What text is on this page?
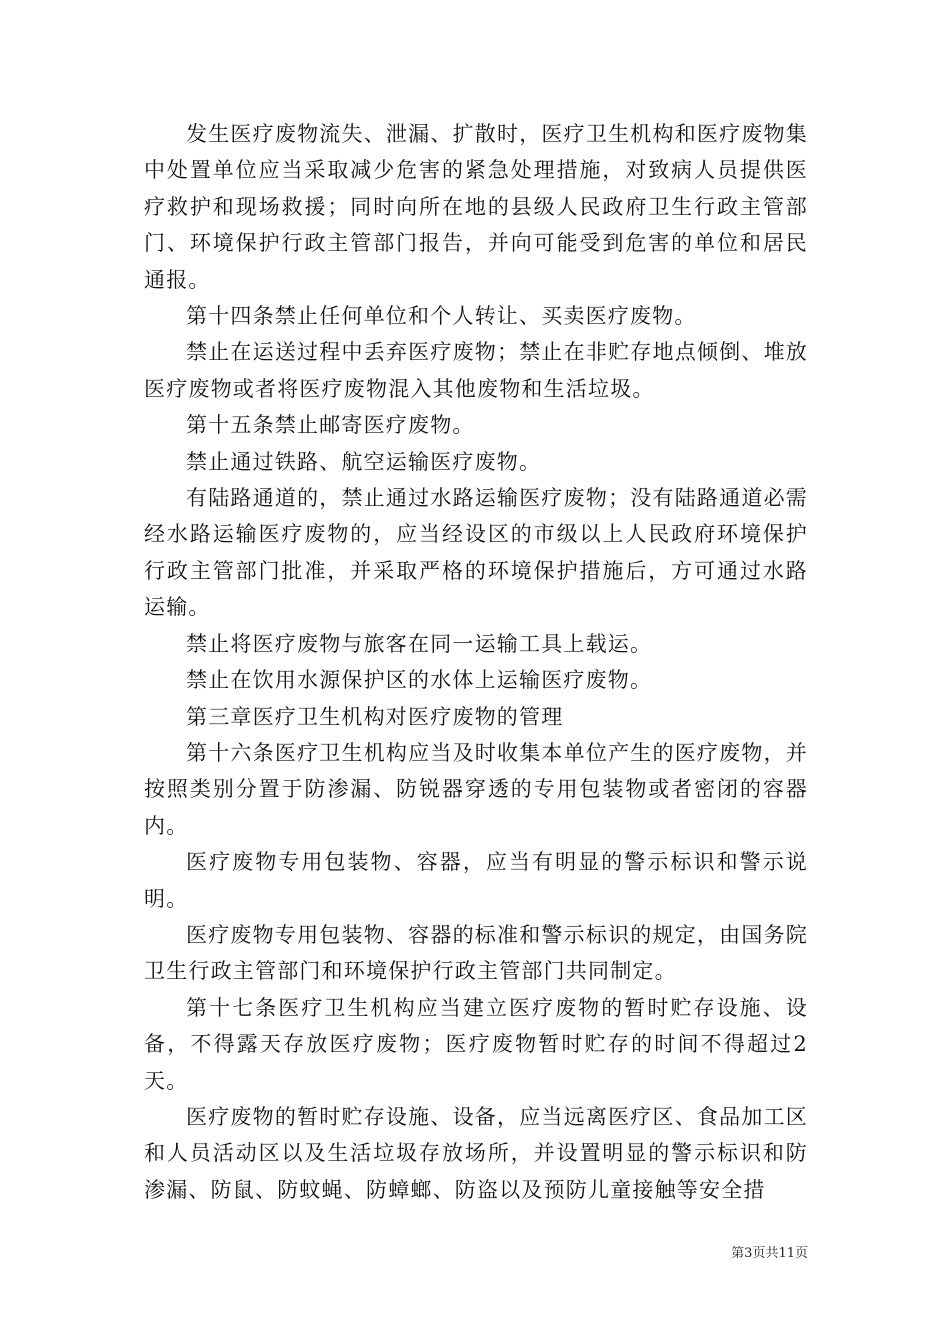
发生医疗废物流失、泄漏、扩散时，医疗卫生机构和医疗废物集中处置单位应当采取减少危害的紧急处理措施，对致病人员提供医疗救护和现场救援；同时向所在地的县级人民政府卫生行政主管部门、环境保护行政主管部门报告，并向可能受到危害的单位和居民通报。

第十四条禁止任何单位和个人转让、买卖医疗废物。

禁止在运送过程中丢弃医疗废物；禁止在非贮存地点倾倒、堆放医疗废物或者将医疗废物混入其他废物和生活垃圾。

第十五条禁止邮寄医疗废物。

禁止通过铁路、航空运输医疗废物。

有陆路通道的，禁止通过水路运输医疗废物；没有陆路通道必需经水路运输医疗废物的，应当经设区的市级以上人民政府环境保护行政主管部门批准，并采取严格的环境保护措施后，方可通过水路运输。

禁止将医疗废物与旅客在同一运输工具上载运。

禁止在饮用水源保护区的水体上运输医疗废物。

第三章医疗卫生机构对医疗废物的管理

第十六条医疗卫生机构应当及时收集本单位产生的医疗废物，并按照类别分置于防渗漏、防锐器穿透的专用包装物或者密闭的容器内。

医疗废物专用包装物、容器，应当有明显的警示标识和警示说明。

医疗废物专用包装物、容器的标准和警示标识的规定，由国务院卫生行政主管部门和环境保护行政主管部门共同制定。

第十七条医疗卫生机构应当建立医疗废物的暂时贮存设施、设备，不得露天存放医疗废物；医疗废物暂时贮存的时间不得超过2天。

医疗废物的暂时贮存设施、设备，应当远离医疗区、食品加工区和人员活动区以及生活垃圾存放场所，并设置明显的警示标识和防渗漏、防鼠、防蚊蝇、防蟑螂、防盗以及预防儿童接触等安全措

第3页共11页
